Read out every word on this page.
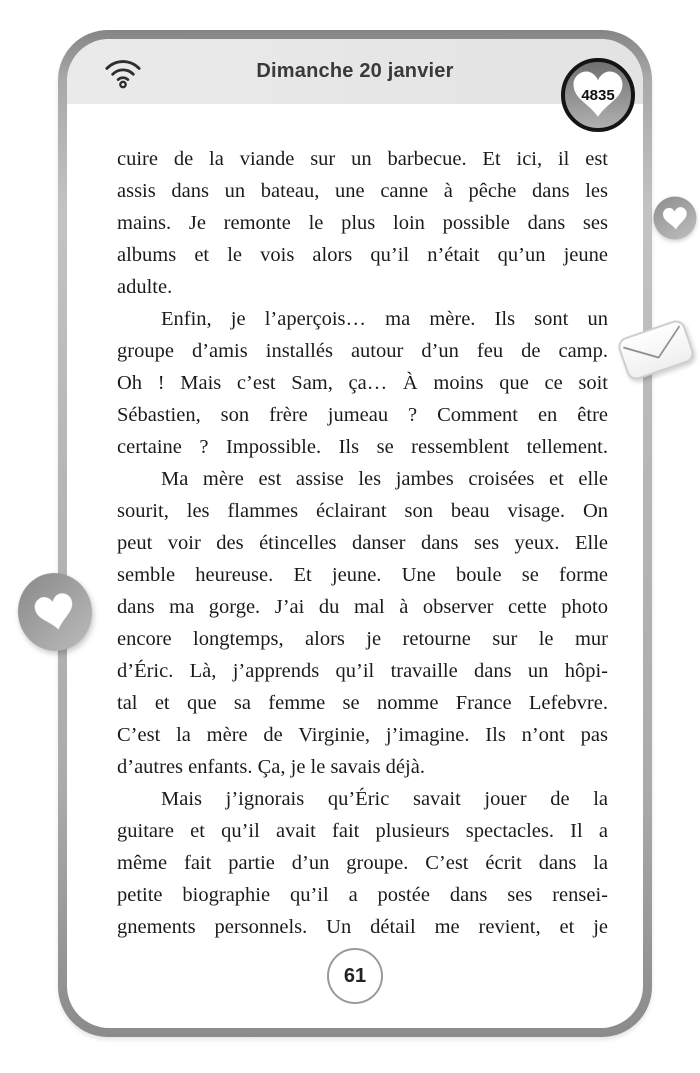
Dimanche 20 janvier
cuire de la viande sur un barbecue. Et ici, il est
assis dans un bateau, une canne à pêche dans les
mains. Je remonte le plus loin possible dans ses
albums et le vois alors qu’il n’était qu’un jeune
adulte.
Enfin, je l’aperçois… ma mère. Ils sont un
groupe d’amis installés autour d’un feu de camp.
Oh ! Mais c’est Sam, ça… À moins que ce soit
Sébastien, son frère jumeau ? Comment en être
certaine ? Impossible. Ils se ressemblent tellement.
Ma mère est assise les jambes croisées et elle
sourit, les flammes éclairant son beau visage. On
peut voir des étincelles danser dans ses yeux. Elle
semble heureuse. Et jeune. Une boule se forme
dans ma gorge. J’ai du mal à observer cette photo
encore longtemps, alors je retourne sur le mur
d’Éric. Là, j’apprends qu’il travaille dans un hôpi-
tal et que sa femme se nomme France Lefebvre.
C’est la mère de Virginie, j’imagine. Ils n’ont pas
d’autres enfants. Ça, je le savais déjà.
Mais j’ignorais qu’Éric savait jouer de la
guitare et qu’il avait fait plusieurs spectacles. Il a
même fait partie d’un groupe. C’est écrit dans la
petite biographie qu’il a postée dans ses rensei-
gnements personnels. Un détail me revient, et je
61
4835
